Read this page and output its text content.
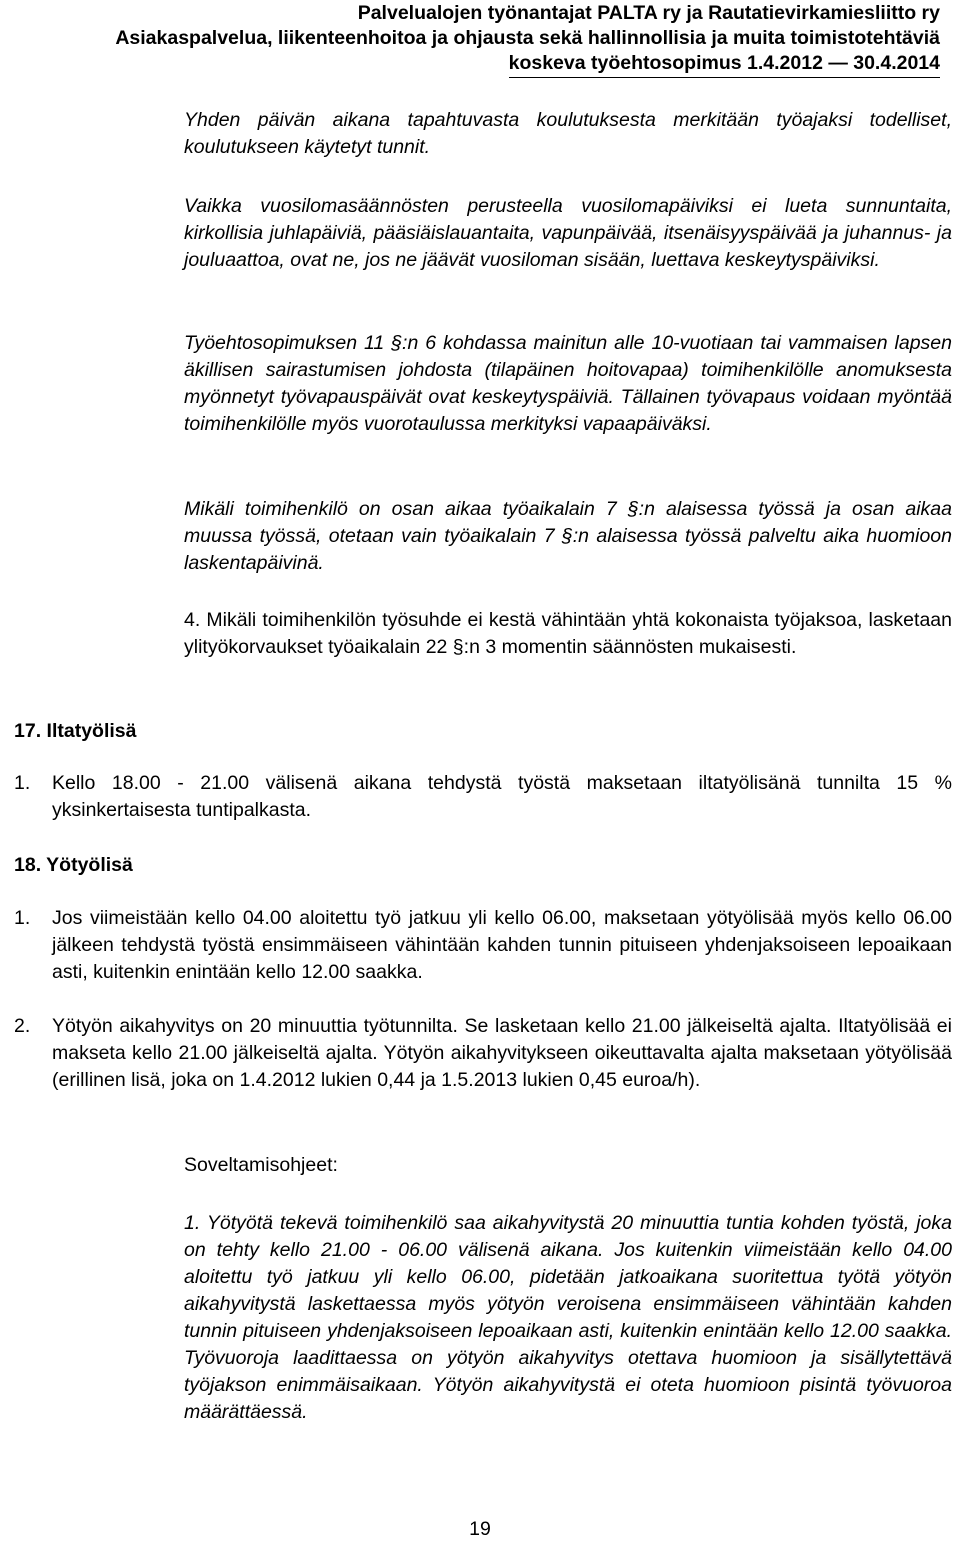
Palvelualojen työnantajat PALTA ry ja Rautatievirkamiesliitto ry
Asiakaspalvelua, liikenteenhoitoa ja ohjausta sekä hallinnollisia ja muita toimistotehtäviä
koskeva työehtosopimus 1.4.2012 — 30.4.2014
Yhden päivän aikana tapahtuvasta koulutuksesta merkitään työajaksi todelliset, koulutukseen käytetyt tunnit.
Vaikka vuosilomasäännösten perusteella vuosilomapäiviksi ei lueta sunnuntaita, kirkollisia juhlapäiviä, pääsiäislauantaita, vapunpäivää, itsenäisyyspäivää ja juhannus- ja jouluaattoa, ovat ne, jos ne jäävät vuosiloman sisään, luettava keskeytyspäiviksi.
Työehtosopimuksen 11 §:n 6 kohdassa mainitun alle 10-vuotiaan tai vammaisen lapsen äkillisen sairastumisen johdosta (tilapäinen hoitovapaa) toimihenkilölle anomuksesta myönnetyt työvapauspäivät ovat keskeytyspäiviä. Tällainen työvapaus voidaan myöntää toimihenkilölle myös vuorotaulussa merkityksi vapaapäiväksi.
Mikäli toimihenkilö on osan aikaa työaikalain 7 §:n alaisessa työssä ja osan aikaa muussa työssä, otetaan vain työaikalain 7 §:n alaisessa työssä palveltu aika huomioon laskentapäivinä.
4. Mikäli toimihenkilön työsuhde ei kestä vähintään yhtä kokonaista työjaksoa, lasketaan ylityökorvaukset työaikalain 22 §:n 3 momentin säännösten mukaisesti.
17. Iltatyölisä
1. Kello 18.00 - 21.00 välisenä aikana tehdystä työstä maksetaan iltatyölisänä tunnilta 15 % yksinkertaisesta tuntipalkasta.
18. Yötyölisä
1. Jos viimeistään kello 04.00 aloitettu työ jatkuu yli kello 06.00, maksetaan yötyölisää myös kello 06.00 jälkeen tehdystä työstä ensimmäiseen vähintään kahden tunnin pituiseen yhdenjaksoiseen lepoaikaan asti, kuitenkin enintään kello 12.00 saakka.
2. Yötyön aikahyvitys on 20 minuuttia työtunnilta. Se lasketaan kello 21.00 jälkeiseltä ajalta. Iltatyölisää ei makseta kello 21.00 jälkeiseltä ajalta. Yötyön aikahyvitykseen oikeuttavalta ajalta maksetaan yötyölisää (erillinen lisä, joka on 1.4.2012 lukien 0,44 ja 1.5.2013 lukien 0,45 euroa/h).
Soveltamisohjeet:
1. Yötyötä tekevä toimihenkilö saa aikahyvitystä 20 minuuttia tuntia kohden työstä, joka on tehty kello 21.00 - 06.00 välisenä aikana. Jos kuitenkin viimeistään kello 04.00 aloitettu työ jatkuu yli kello 06.00, pidetään jatkoaikana suoritettua työtä yötyön aikahyvitystä laskettaessa myös yötyön veroisena ensimmäiseen vähintään kahden tunnin pituiseen yhdenjaksoiseen lepoaikaan asti, kuitenkin enintään kello 12.00 saakka. Työvuoroja laadittaessa on yötyön aikahyvitys otettava huomioon ja sisällytettävä työjakson enimmäisaikaan. Yötyön aikahyvitystä ei oteta huomioon pisintä työvuoroa määrättäessä.
19
